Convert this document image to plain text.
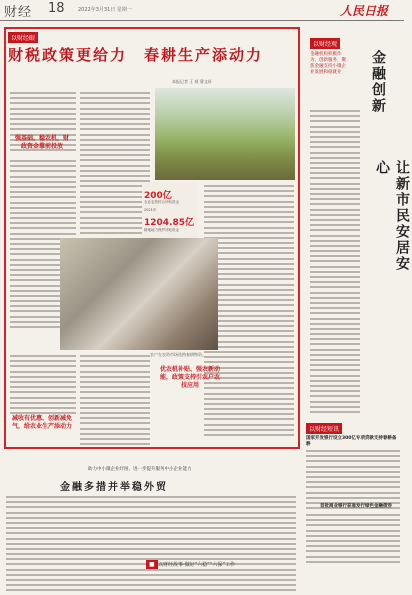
财经 18	2022年3月31日 星期一	人民日报
以财经眼
财税政策更给力　春耕生产添动力
本报记者 王 观 曹文轩
强基础、稳农机，财政资金靠前投放
200亿
农业农资综合补贴资金
2021年
1204.85亿
耕地地力保护补贴资金
农户在农资市场选购春耕物资。
优农机补贴、强农新动能，政策支持引农户农技应用
减收有优惠、创新减免气，给农业生产添动力
以财经观
金融机构积极作为，创新服务，聚焦金融支持小微企业发展和稳就业	金融创新
让新市民安居安心
以财经短讯
国家开发银行设立300亿专项贷款支持春耕备耕
首批商业银行获准发行绿色金融债券
助力中小微企业纾困，进一步提升服务中小企业能力
金融多措并举稳外贸
■ 以财经故事·做好“六稳”“六保”工作
